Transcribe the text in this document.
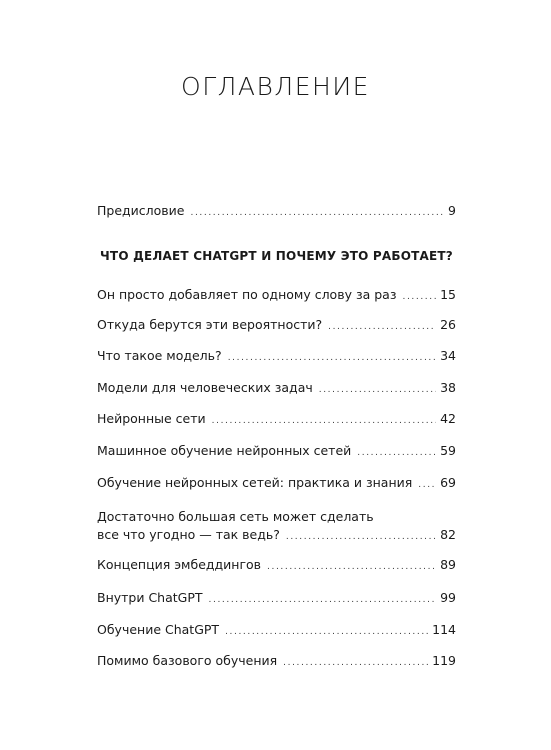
ОГЛАВЛЕНИЕ
Предисловие .....	9
ЧТО ДЕЛАЕТ CHATGPT И ПОЧЕМУ ЭТО РАБОТАЕТ?
Он просто добавляет по одному слову за раз .....	15
Откуда берутся эти вероятности? .....	26
Что такое модель? .....	34
Модели для человеческих задач .....	38
Нейронные сети .....	42
Машинное обучение нейронных сетей .....	59
Обучение нейронных сетей: практика и знания ..... 69
Достаточно большая сеть может сделать
все что угодно — так ведь? .....	82
Концепция эмбеддингов .....	89
Внутри ChatGPT .....	99
Обучение ChatGPT .....	114
Помимо базового обучения .....	119
